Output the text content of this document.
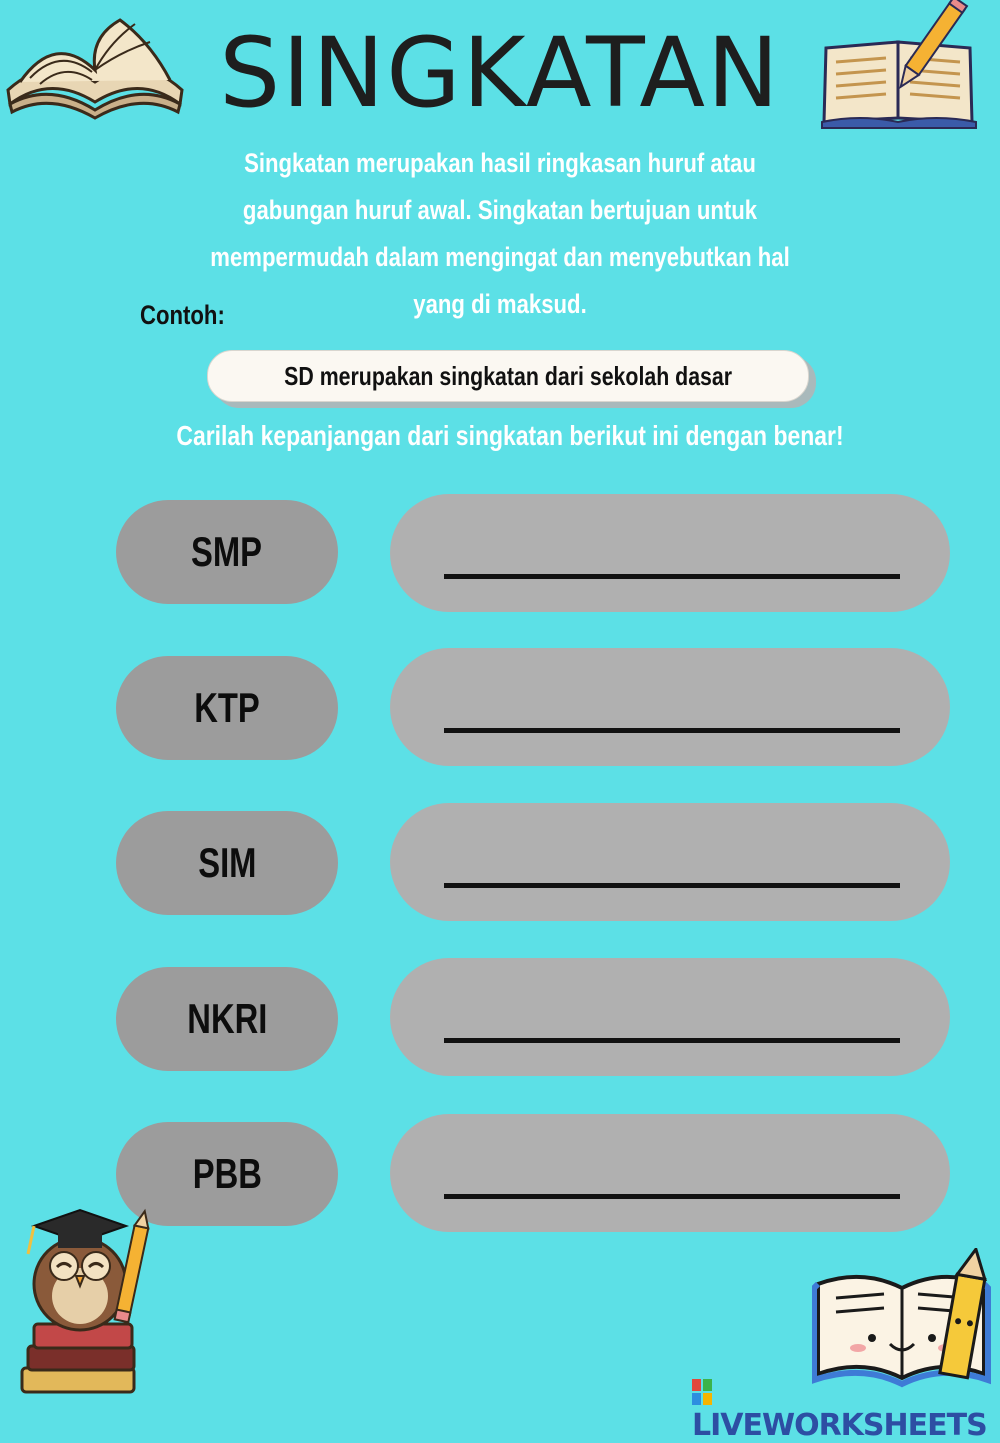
SINGKATAN
Singkatan merupakan hasil ringkasan huruf atau gabungan huruf awal. Singkatan bertujuan untuk mempermudah dalam mengingat dan menyebutkan hal yang di maksud.
Contoh:
SD merupakan singkatan dari sekolah dasar
Carilah kepanjangan dari singkatan berikut ini dengan benar!
SMP
KTP
SIM
NKRI
PBB
LIVEWORKSHEETS
